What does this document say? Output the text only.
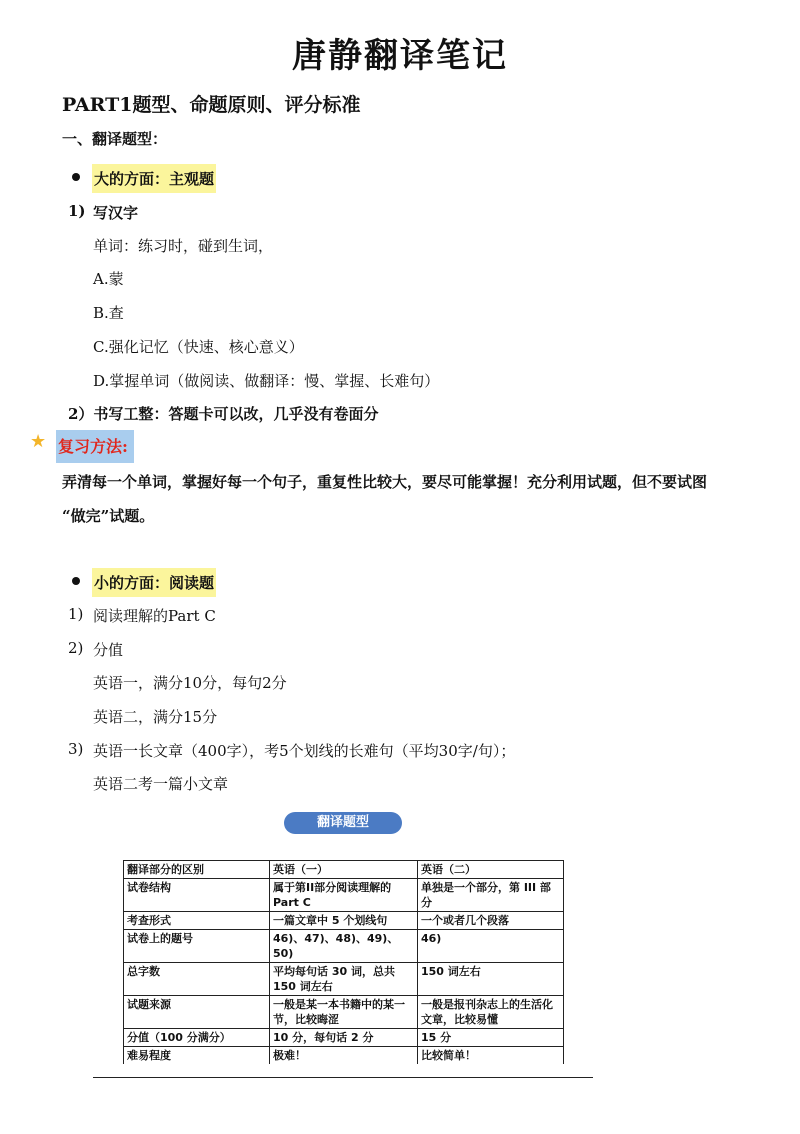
唐静翻译笔记
PART1题型、命题原则、评分标准
一、翻译题型：
大的方面：主观题
1) 写汉字
单词：练习时，碰到生词，
A.蒙
B.查
C.强化记忆（快速、核心意义）
D.掌握单词（做阅读、做翻译：慢、掌握、长难句）
2）书写工整：答题卡可以改，几乎没有卷面分
★ 复习方法:
弄清每一个单词，掌握好每一个句子，重复性比较大，要尽可能掌握！充分利用试题，但不要试图
“做完”试题。
小的方面：阅读题
1) 阅读理解的Part C
2) 分值
英语一，满分10分，每句2分
英语二，满分15分
3) 英语一长文章（400字），考5个划线的长难句（平均30字/句）；
英语二考一篇小文章
翻译题型
翻译部分的区别	英语（一）	英语（二）
试卷结构	属于第II部分阅读理解的Part C	单独是一个部分，第 III 部分
考查形式	一篇文章中 5 个划线句	一个或者几个段落
试卷上的题号	46)、47)、48)、49)、50)	46)
总字数	平均每句话 30 词，总共150 词左右	150 词左右
试题来源	一般是某一本书籍中的某一节，比较晦涩	一般是报刊杂志上的生活化文章，比较易懂
分值（100 分满分）	10 分，每句话 2 分	15 分
难易程度	极难！	比较简单！
